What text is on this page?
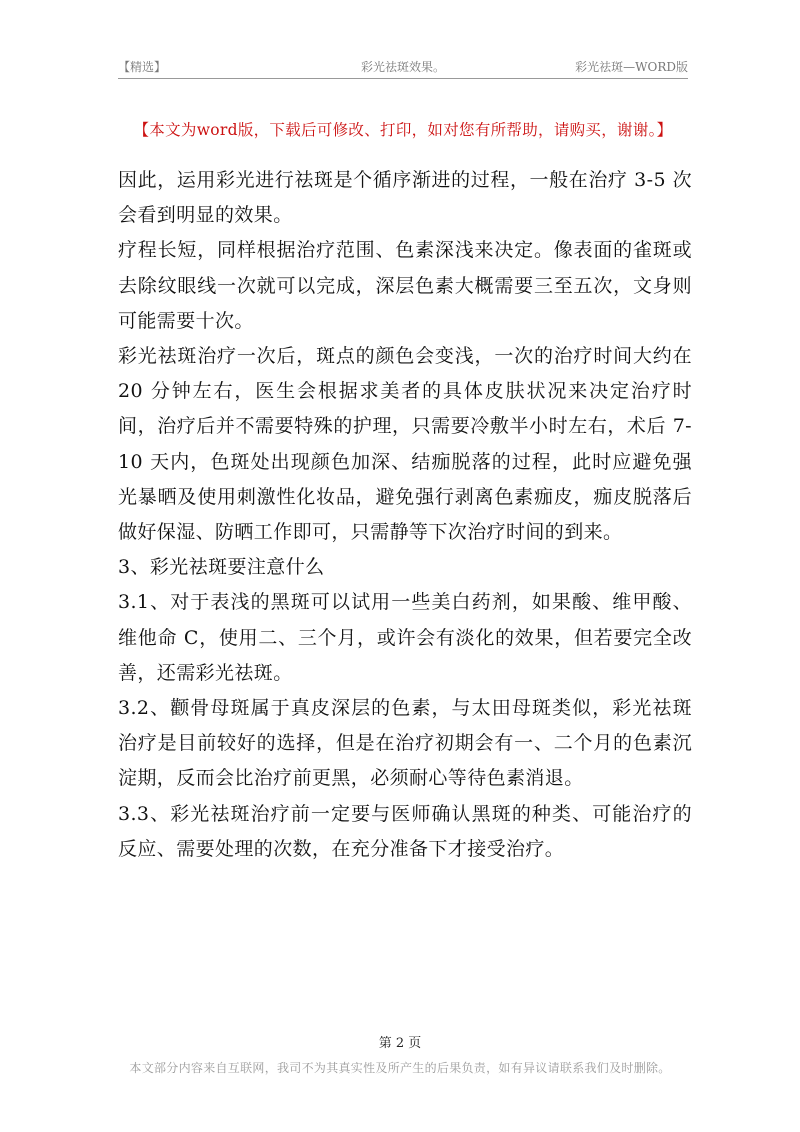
【精选】	彩光祛斑效果。	彩光祛斑—WORD版
【本文为word版，下载后可修改、打印，如对您有所帮助，请购买，谢谢。】

因此，运用彩光进行祛斑是个循序渐进的过程，一般在治疗 3-5 次会看到明显的效果。

疗程长短，同样根据治疗范围、色素深浅来决定。像表面的雀斑或去除纹眼线一次就可以完成，深层色素大概需要三至五次，文身则可能需要十次。

彩光祛斑治疗一次后，斑点的颜色会变浅，一次的治疗时间大约在 20 分钟左右，医生会根据求美者的具体皮肤状况来决定治疗时间，治疗后并不需要特殊的护理，只需要冷敷半小时左右，术后 7-10 天内，色斑处出现颜色加深、结痂脱落的过程，此时应避免强光暴晒及使用刺激性化妆品，避免强行剥离色素痂皮，痂皮脱落后做好保湿、防晒工作即可，只需静等下次治疗时间的到来。

3、彩光祛斑要注意什么

3.1、对于表浅的黑斑可以试用一些美白药剂，如果酸、维甲酸、维他命 C，使用二、三个月，或许会有淡化的效果，但若要完全改善，还需彩光祛斑。

3.2、颧骨母斑属于真皮深层的色素，与太田母斑类似，彩光祛斑治疗是目前较好的选择，但是在治疗初期会有一、二个月的色素沉淀期，反而会比治疗前更黑，必须耐心等待色素消退。

3.3、彩光祛斑治疗前一定要与医师确认黑斑的种类、可能治疗的反应、需要处理的次数，在充分准备下才接受治疗。

第 2 页
本文部分内容来自互联网，我司不为其真实性及所产生的后果负责，如有异议请联系我们及时删除。
